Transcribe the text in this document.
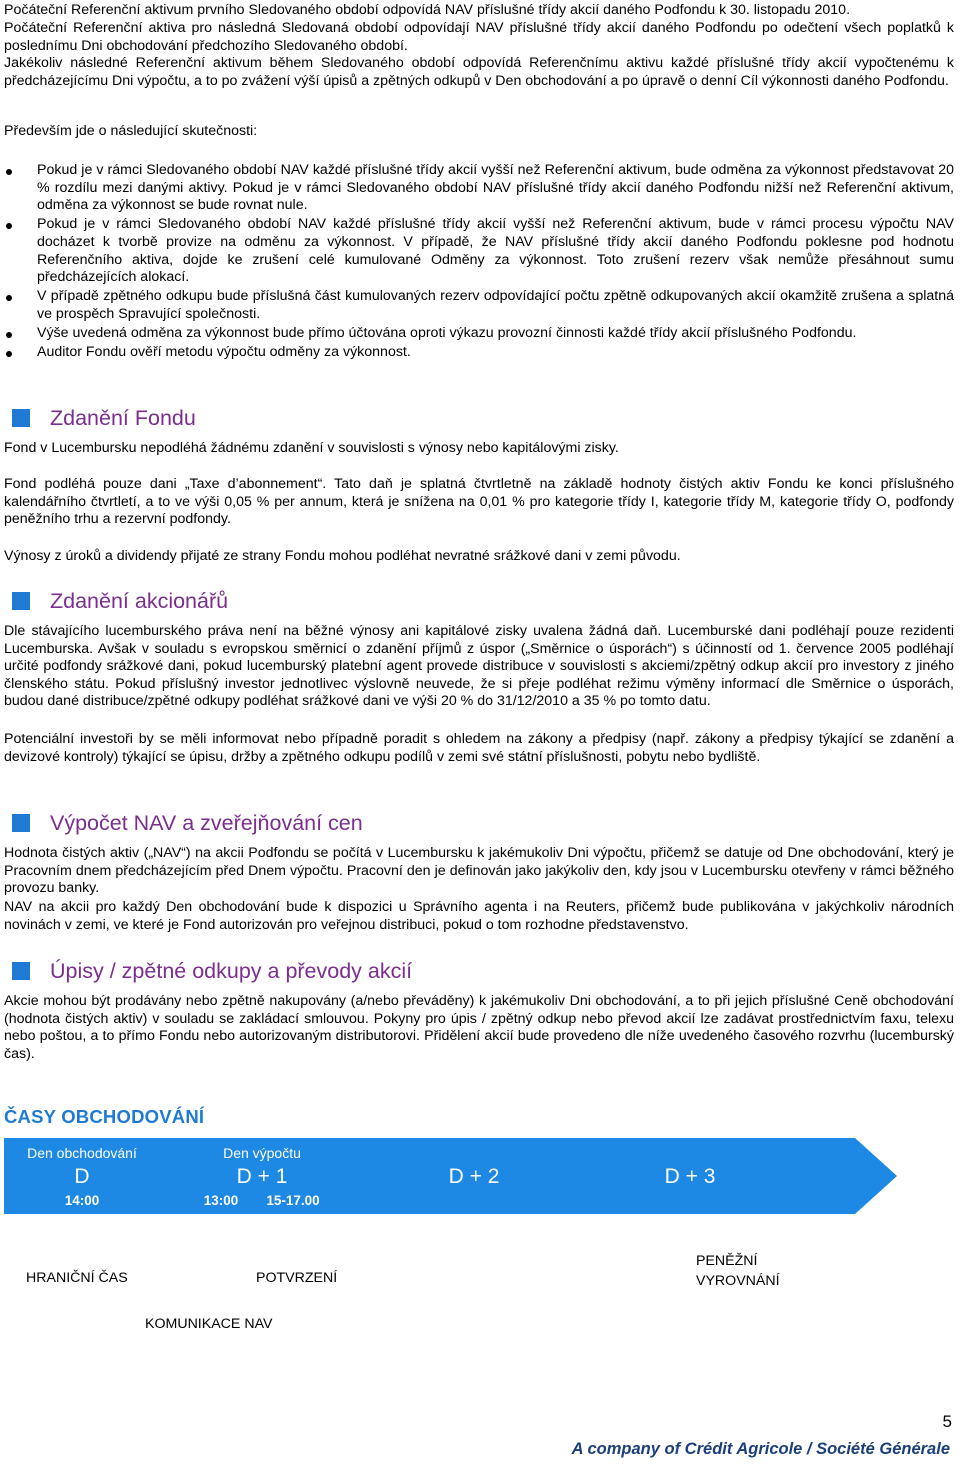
Počáteční Referenční aktivum prvního Sledovaného období odpovídá NAV příslušné třídy akcií daného Podfondu k 30. listopadu 2010.

Počáteční Referenční aktiva pro následná Sledovaná období odpovídají NAV příslušné třídy akcií daného Podfondu po odečtení všech poplatků k poslednímu Dni obchodování předchozího Sledovaného období.

Jakékoliv následné Referenční aktivum během Sledovaného období odpovídá Referenčnímu aktivu každé příslušné třídy akcií vypočtenému k předcházejícímu Dni výpočtu, a to po zvážení výší úpisů a zpětných odkupů v Den obchodování a po úpravě o denní Cíl výkonnosti daného Podfondu.

Především jde o následující skutečnosti:

Pokud je v rámci Sledovaného období NAV každé příslušné třídy akcií vyšší než Referenční aktivum, bude odměna za výkonnost představovat 20 % rozdílu mezi danými aktivy. Pokud je v rámci Sledovaného období NAV příslušné třídy akcií daného Podfondu nižší než Referenční aktivum, odměna za výkonnost se bude rovnat nule.
Pokud je v rámci Sledovaného období NAV každé příslušné třídy akcií vyšší než Referenční aktivum, bude v rámci procesu výpočtu NAV docházet k tvorbě provize na odměnu za výkonnost. V případě, že NAV příslušné třídy akcií daného Podfondu poklesne pod hodnotu Referenčního aktiva, dojde ke zrušení celé kumulované Odměny za výkonnost. Toto zrušení rezerv však nemůže přesáhnout sumu předcházejících alokací.
V případě zpětného odkupu bude příslušná část kumulovaných rezerv odpovídající počtu zpětně odkupovaných akcií okamžitě zrušena a splatná ve prospěch Spravující společnosti.
Výše uvedená odměna za výkonnost bude přímo účtována oproti výkazu provozní činnosti každé třídy akcií příslušného Podfondu.
Auditor Fondu ověří metodu výpočtu odměny za výkonnost.
Zdanění Fondu

Fond v Lucembursku nepodléhá žádnému zdanění v souvislosti s výnosy nebo kapitálovými zisky.

Fond podléhá pouze dani „Taxe d’abonnement“. Tato daň je splatná čtvrtletně na základě hodnoty čistých aktiv Fondu ke konci příslušného kalendářního čtvrtletí, a to ve výši 0,05 % per annum, která je snížena na 0,01 % pro kategorie třídy I, kategorie třídy M, kategorie třídy O, podfondy peněžního trhu a rezervní podfondy.

Výnosy z úroků a dividendy přijaté ze strany Fondu mohou podléhat nevratné srážkové dani v zemi původu.

Zdanění akcionářů

Dle stávajícího lucemburského práva není na běžné výnosy ani kapitálové zisky uvalena žádná daň. Lucemburské dani podléhají pouze rezidenti Lucemburska. Avšak v souladu s evropskou směrnicí o zdanění příjmů z úspor („Směrnice o úsporách“) s účinností od 1. července 2005 podléhají určité podfondy srážkové dani, pokud lucemburský platební agent provede distribuce v souvislosti s akciemi/zpětný odkup akcií pro investory z jiného členského státu. Pokud příslušný investor jednotlivec výslovně neuvede, že si přeje podléhat režimu výměny informací dle Směrnice o úsporách, budou dané distribuce/zpětné odkupy podléhat srážkové dani ve výši 20 % do 31/12/2010 a 35 % po tomto datu.

Potenciální investoři by se měli informovat nebo případně poradit s ohledem na zákony a předpisy (např. zákony a předpisy týkající se zdanění a devizové kontroly) týkající se úpisu, držby a zpětného odkupu podílů v zemi své státní příslušnosti, pobytu nebo bydliště.

Výpočet NAV a zveřejňování cen

Hodnota čistých aktiv („NAV“) na akcii Podfondu se počítá v Lucembursku k jakémukoliv Dni výpočtu, přičemž se datuje od Dne obchodování, který je Pracovním dnem předcházejícím před Dnem výpočtu. Pracovní den je definován jako jakýkoliv den, kdy jsou v Lucembursku otevřeny v rámci běžného provozu banky.

NAV na akcii pro každý Den obchodování bude k dispozici u Správního agenta i na Reuters, přičemž bude publikována v jakýchkoliv národních novinách v zemi, ve které je Fond autorizován pro veřejnou distribuci, pokud o tom rozhodne představenstvo.

Úpisy / zpětné odkupy a převody akcií

Akcie mohou být prodávány nebo zpětně nakupovány (a/nebo převáděny) k jakémukoliv Dni obchodování, a to při jejich příslušné Ceně obchodování (hodnota čistých aktiv) v souladu se zakládací smlouvou. Pokyny pro úpis / zpětný odkup nebo převod akcií lze zadávat prostřednictvím faxu, telexu nebo poštou, a to přímo Fondu nebo autorizovaným distributorovi. Přidělení akcií bude provedeno dle níže uvedeného časového rozvrhu (lucemburský čas).

ČASY OBCHODOVÁNÍ
Den obchodování
D
14:00
Den výpočtu
D + 1
13:00 15-17.00
D + 2	D + 3
HRANIČNÍ ČAS	POTVRZENÍ
PENĚŽNÍ
VYROVNÁNÍ
KOMUNIKACE NAV
5
A company of Crédit Agricole / Société Générale
